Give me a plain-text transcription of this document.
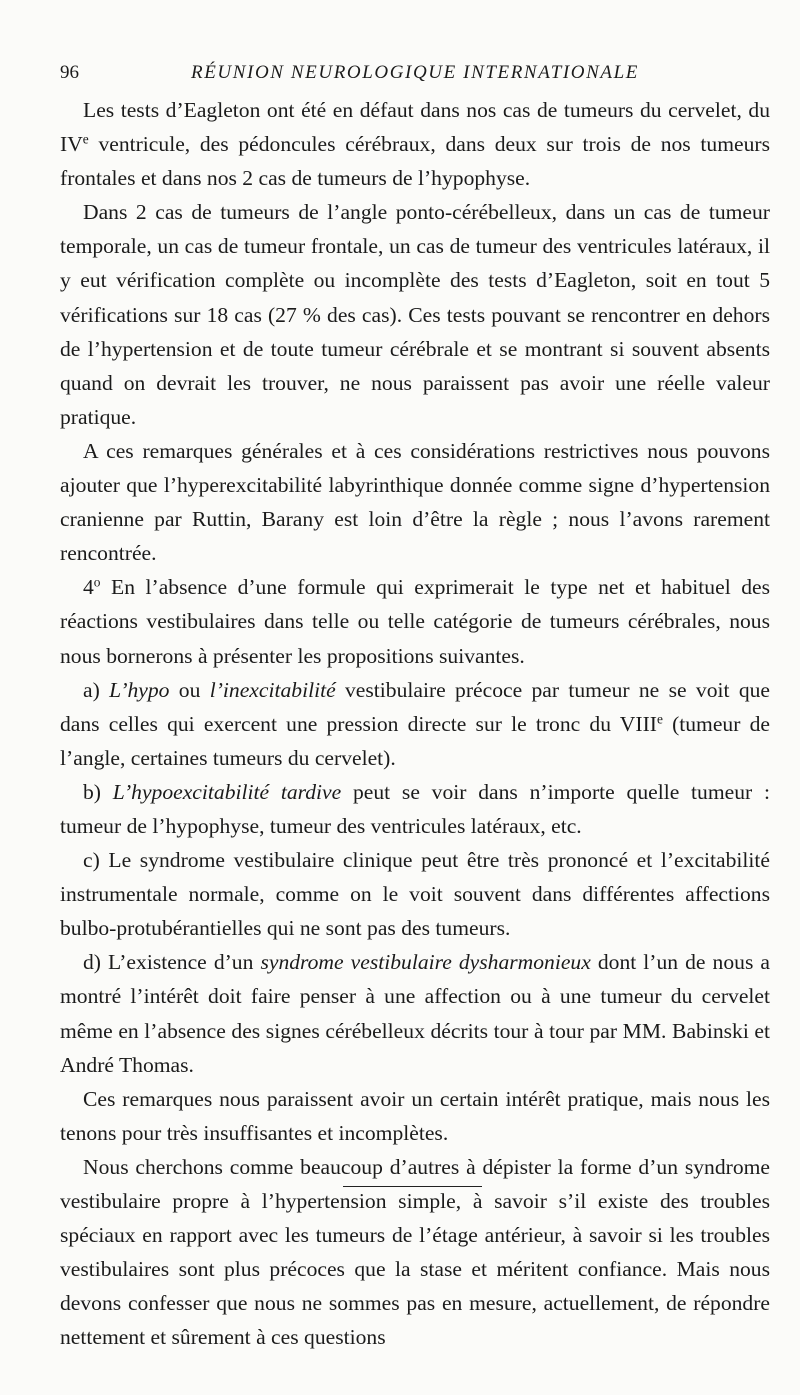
96	RÉUNION NEUROLOGIQUE INTERNATIONALE

Les tests d’Eagleton ont été en défaut dans nos cas de tumeurs du cervelet, du IVe ventricule, des pédoncules cérébraux, dans deux sur trois de nos tumeurs frontales et dans nos 2 cas de tumeurs de l’hypophyse.

Dans 2 cas de tumeurs de l’angle ponto-cérébelleux, dans un cas de tumeur temporale, un cas de tumeur frontale, un cas de tumeur des ventricules latéraux, il y eut vérification complète ou incomplète des tests d’Eagleton, soit en tout 5 vérifications sur 18 cas (27 % des cas). Ces tests pouvant se rencontrer en dehors de l’hypertension et de toute tumeur cérébrale et se montrant si souvent absents quand on devrait les trouver, ne nous paraissent pas avoir une réelle valeur pratique.

A ces remarques générales et à ces considérations restrictives nous pouvons ajouter que l’hyperexcitabilité labyrinthique donnée comme signe d’hypertension cranienne par Ruttin, Barany est loin d’être la règle ; nous l’avons rarement rencontrée.

4$^o$ En l’absence d’une formule qui exprimerait le type net et habituel des réactions vestibulaires dans telle ou telle catégorie de tumeurs cérébrales, nous nous bornerons à présenter les propositions suivantes.

a) L’hypo ou l’inexcitabilité vestibulaire précoce par tumeur ne se voit que dans celles qui exercent une pression directe sur le tronc du VIIIe (tumeur de l’angle, certaines tumeurs du cervelet).

b) L’hypoexcitabilité tardive peut se voir dans n’importe quelle tumeur : tumeur de l’hypophyse, tumeur des ventricules latéraux, etc.

c) Le syndrome vestibulaire clinique peut être très prononcé et l’excitabilité instrumentale normale, comme on le voit souvent dans différentes affections bulbo-protubérantielles qui ne sont pas des tumeurs.

d) L’existence d’un syndrome vestibulaire dysharmonieux dont l’un de nous a montré l’intérêt doit faire penser à une affection ou à une tumeur du cervelet même en l’absence des signes cérébelleux décrits tour à tour par MM. Babinski et André Thomas.

Ces remarques nous paraissent avoir un certain intérêt pratique, mais nous les tenons pour très insuffisantes et incomplètes.

Nous cherchons comme beaucoup d’autres à dépister la forme d’un syndrome vestibulaire propre à l’hypertension simple, à savoir s’il existe des troubles spéciaux en rapport avec les tumeurs de l’étage antérieur, à savoir si les troubles vestibulaires sont plus précoces que la stase et méritent confiance. Mais nous devons confesser que nous ne sommes pas en mesure, actuellement, de répondre nettement et sûrement à ces questions
